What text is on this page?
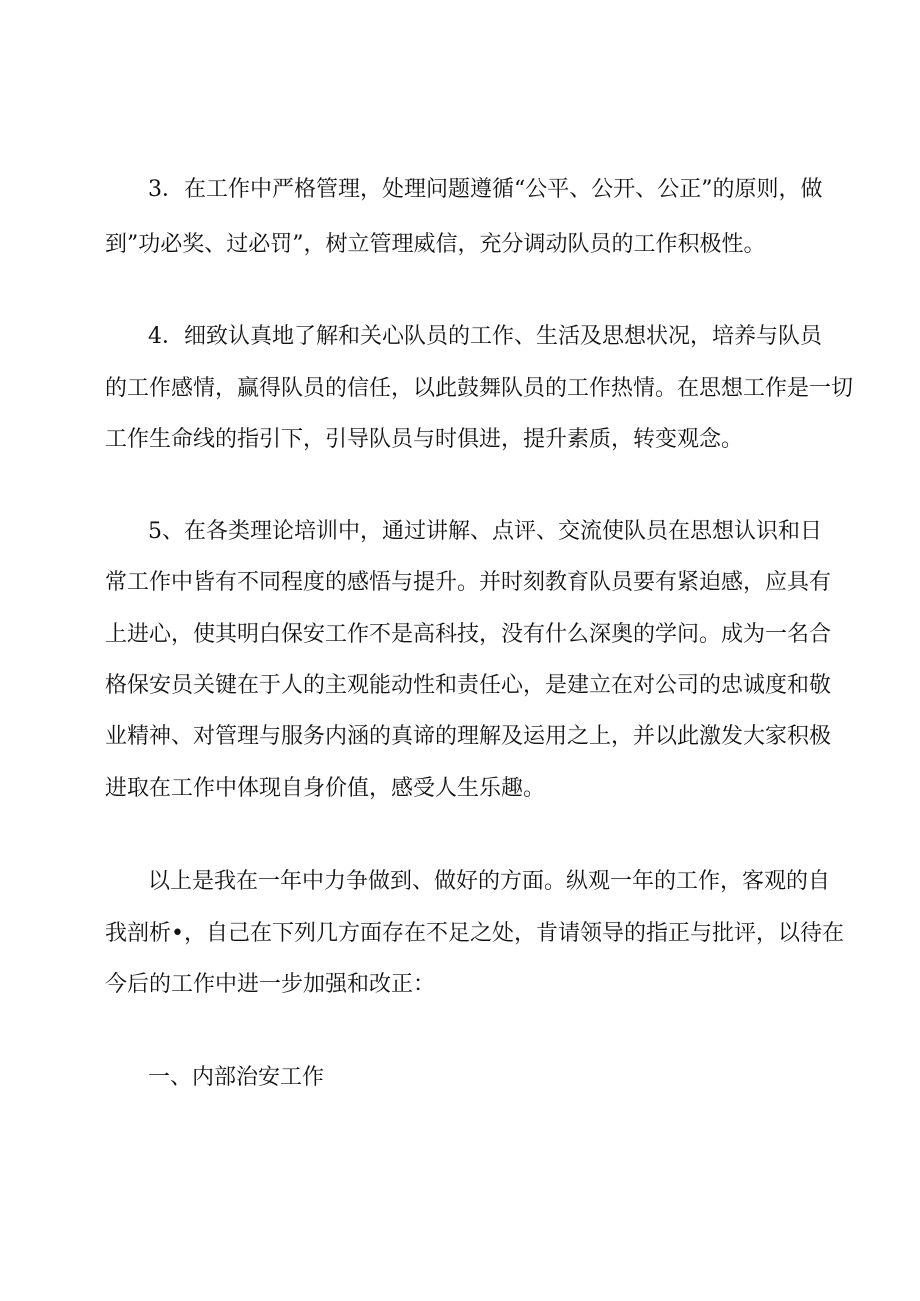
3．在工作中严格管理，处理问题遵循“公平、公开、公正”的原则，做
到”功必奖、过必罚”，树立管理威信，充分调动队员的工作积极性。
4．细致认真地了解和关心队员的工作、生活及思想状况，培养与队员
的工作感情，赢得队员的信任，以此鼓舞队员的工作热情。在思想工作是一切
工作生命线的指引下，引导队员与时俱进，提升素质，转变观念。
5、在各类理论培训中，通过讲解、点评、交流使队员在思想认识和日
常工作中皆有不同程度的感悟与提升。并时刻教育队员要有紧迫感，应具有
上进心，使其明白保安工作不是高科技，没有什么深奥的学问。成为一名合
格保安员关键在于人的主观能动性和责任心，是建立在对公司的忠诚度和敬
业精神、对管理与服务内涵的真谛的理解及运用之上，并以此激发大家积极
进取在工作中体现自身价值，感受人生乐趣。
以上是我在一年中力争做到、做好的方面。纵观一年的工作，客观的自
我剖析•，自己在下列几方面存在不足之处，肯请领导的指正与批评，以待在
今后的工作中进一步加强和改正：
一、内部治安工作
